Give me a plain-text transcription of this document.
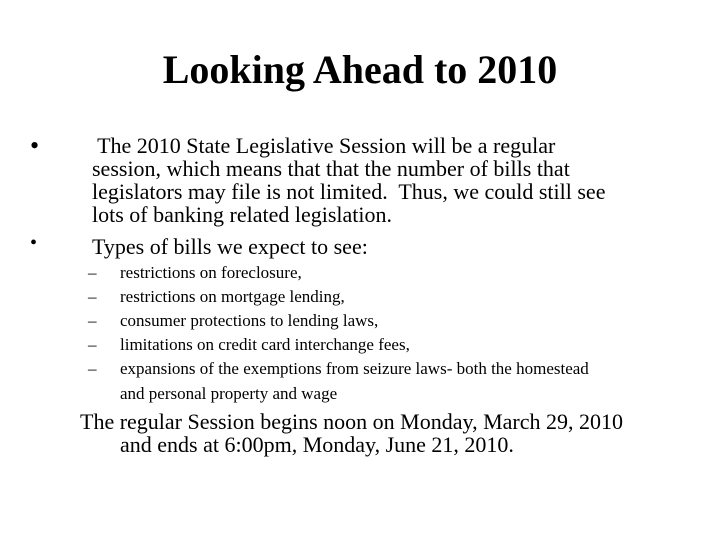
Looking Ahead to 2010
• The 2010 State Legislative Session will be a regular
session, which means that that the number of bills that
legislators may file is not limited.  Thus, we could still see
lots of banking related legislation.
• Types of bills we expect to see:
– restrictions on foreclosure,
– restrictions on mortgage lending,
– consumer protections to lending laws,
– limitations on credit card interchange fees,
– expansions of the exemptions from seizure laws- both the homestead
and personal property and wage
The regular Session begins noon on Monday, March 29, 2010
and ends at 6:00pm, Monday, June 21, 2010.
